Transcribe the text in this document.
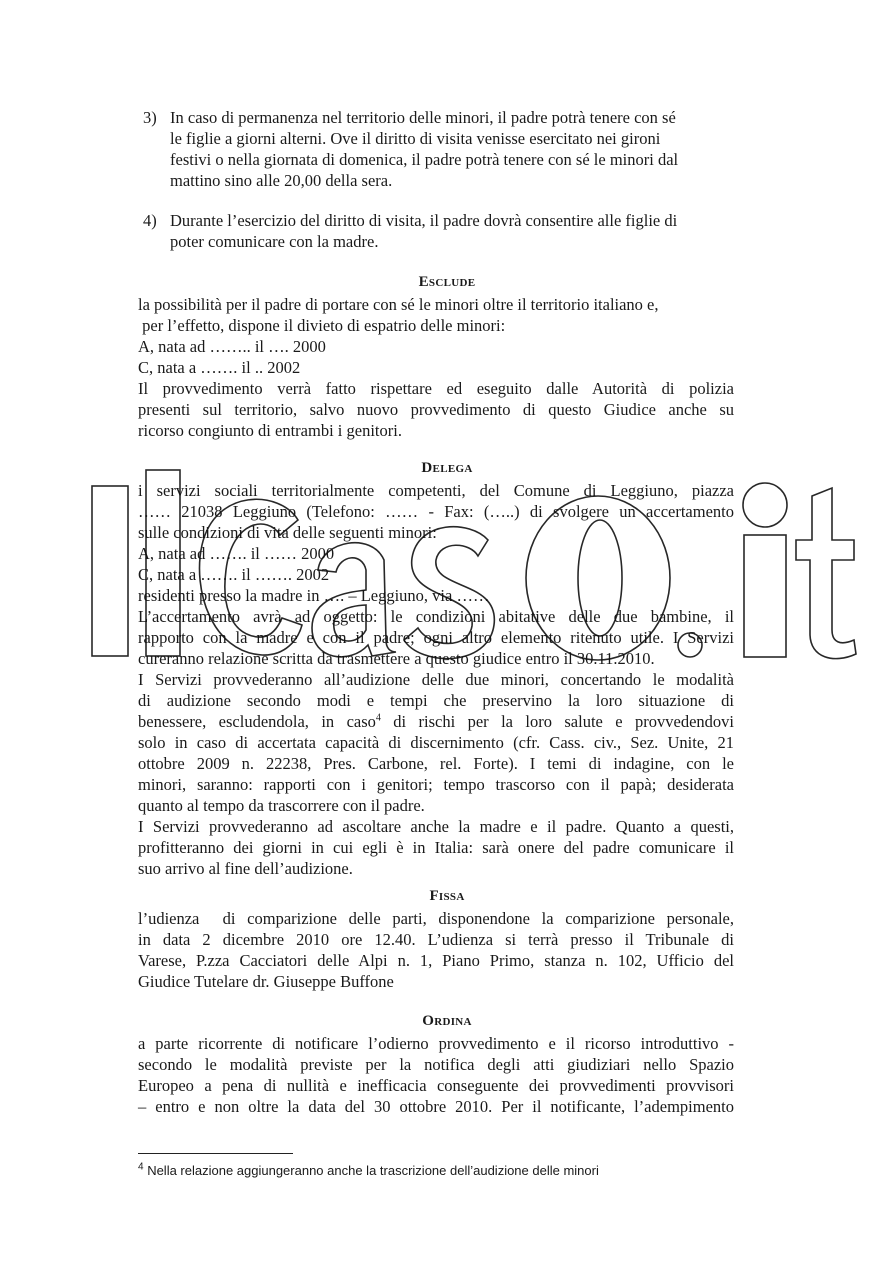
3) In caso di permanenza nel territorio delle minori, il padre potrà tenere con sé

le figlie a giorni alterni. Ove il diritto di visita venisse esercitato nei gironi

festivi o nella giornata di domenica, il padre potrà tenere con sé le minori dal

mattino sino alle 20,00 della sera.

4) Durante l’esercizio del diritto di visita, il padre dovrà consentire alle figlie di

poter comunicare con la madre.

Esclude

la possibilità per il padre di portare con sé le minori oltre il territorio italiano e,

per l’effetto, dispone il divieto di espatrio delle minori:

A, nata ad …….. il …. 2000

C, nata a ……. il .. 2002

Il provvedimento verrà fatto rispettare ed eseguito dalle Autorità di polizia

presenti sul territorio, salvo nuovo provvedimento di questo Giudice anche su

ricorso congiunto di entrambi i genitori.

Delega

i servizi sociali territorialmente competenti, del Comune di Leggiuno, piazza

…… 21038 Leggiuno (Telefono: …… - Fax: (…..) di svolgere un accertamento

sulle condizioni di vita delle seguenti minori:

A, nata ad ……. il …… 2000

C, nata a ……. il ……. 2002

residenti presso la madre in …. – Leggiuno, via ……

L’accertamento avrà ad oggetto: le condizioni abitative delle due bambine, il

rapporto con la madre e con il padre; ogni altro elemento ritenuto utile. I Servizi

cureranno relazione scritta da trasmettere a questo giudice entro il 30.11.2010.

I Servizi provvederanno all’audizione delle due minori, concertando le modalità

di audizione secondo modi e tempi che preservino la loro situazione di

benessere, escludendola, in caso$^4$ di rischi per la loro salute e provvedendovi

solo in caso di accertata capacità di discernimento (cfr. Cass. civ., Sez. Unite, 21

ottobre 2009 n. 22238, Pres. Carbone, rel. Forte). I temi di indagine, con le

minori, saranno: rapporti con i genitori; tempo trascorso con il papà; desiderata

quanto al tempo da trascorrere con il padre.

I Servizi provvederanno ad ascoltare anche la madre e il padre. Quanto a questi,

profitteranno dei giorni in cui egli è in Italia: sarà onere del padre comunicare il

suo arrivo al fine dell’audizione.

Fissa

l’udienza  di comparizione delle parti, disponendone la comparizione personale,

in data 2 dicembre 2010 ore 12.40. L’udienza si terrà presso il Tribunale di

Varese, P.zza Cacciatori delle Alpi n. 1, Piano Primo, stanza n. 102, Ufficio del

Giudice Tutelare dr. Giuseppe Buffone

Ordina

a parte ricorrente di notificare l’odierno provvedimento e il ricorso introduttivo -

secondo le modalità previste per la notifica degli atti giudiziari nello Spazio

Europeo a pena di nullità e inefficacia conseguente dei provvedimenti provvisori

– entro e non oltre la data del 30 ottobre 2010. Per il notificante, l’adempimento

$^4$ Nella relazione aggiungeranno anche la trascrizione dell’audizione delle minori
